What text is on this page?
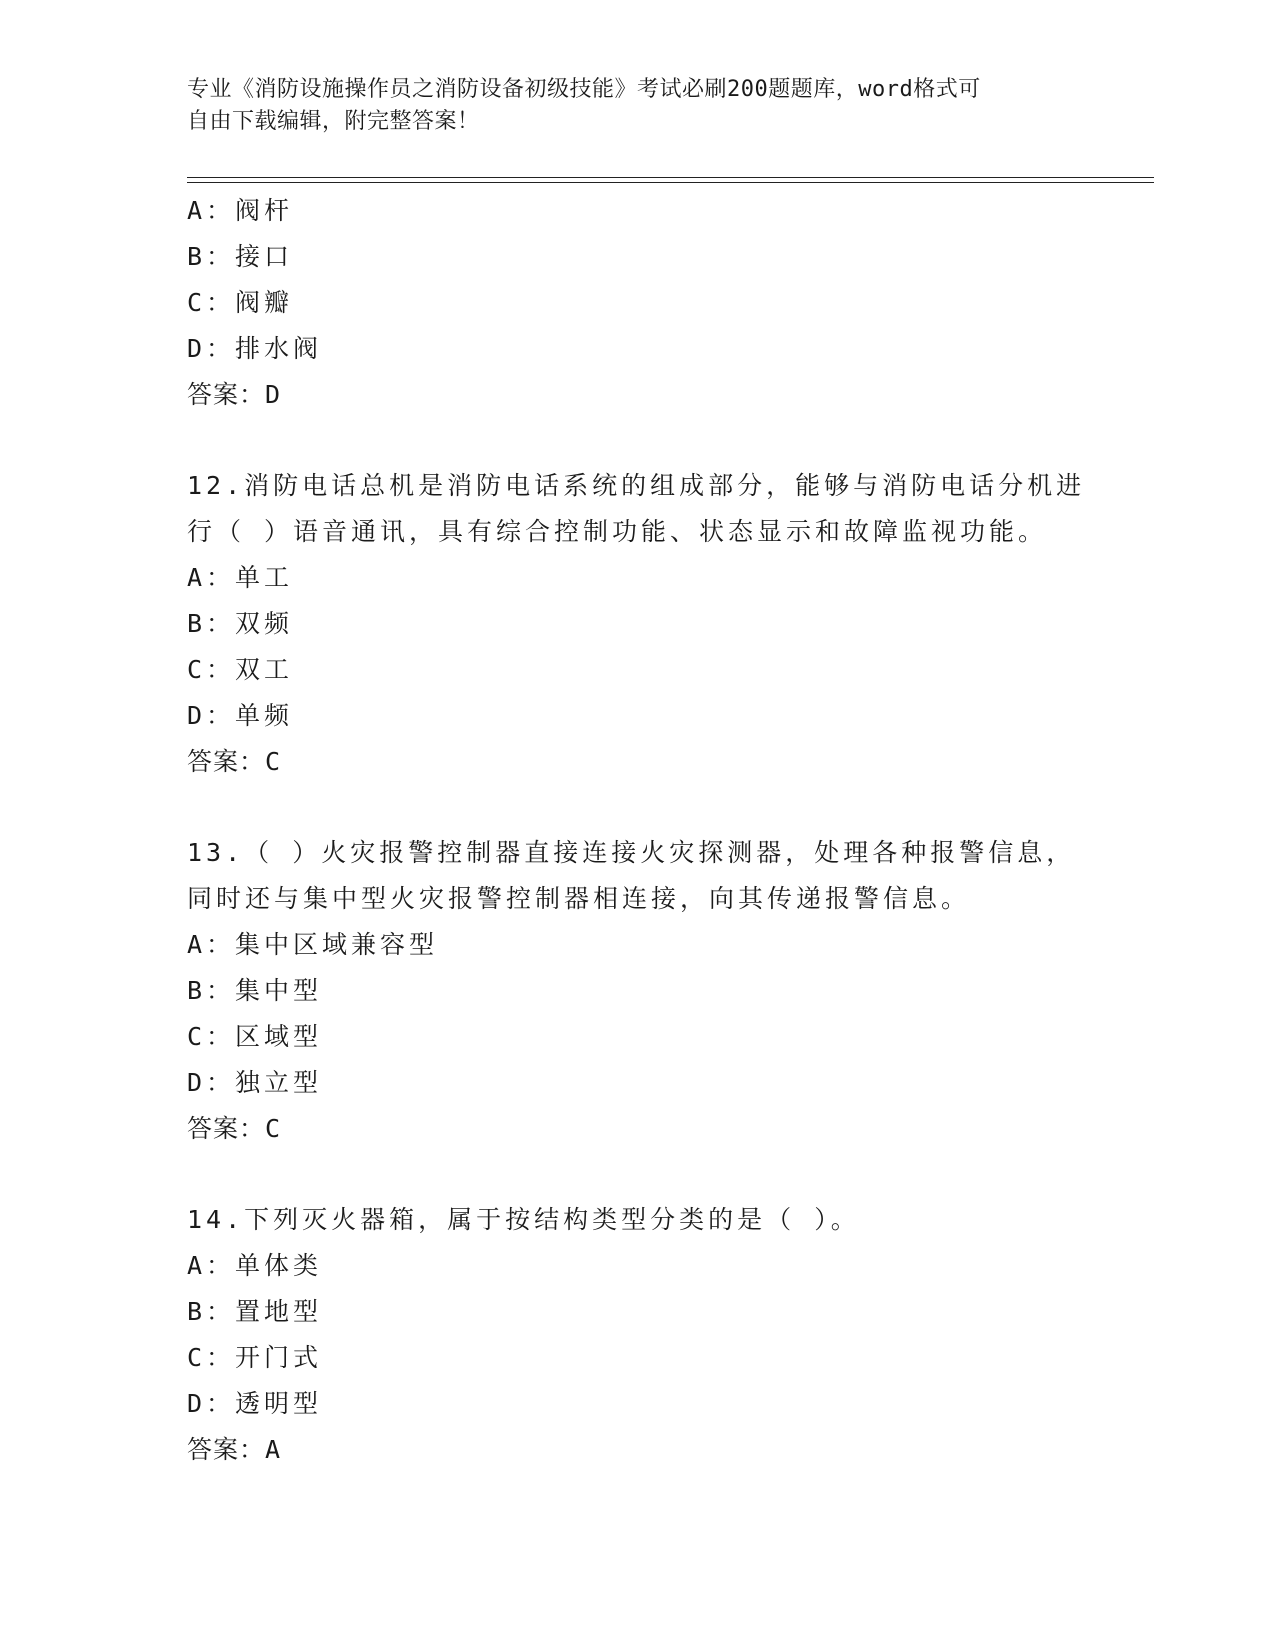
专业《消防设施操作员之消防设备初级技能》考试必刷200题题库，word格式可
自由下载编辑，附完整答案！
A：阀杆
B：接口
C：阀瓣
D：排水阀
答案：D
12.消防电话总机是消防电话系统的组成部分，能够与消防电话分机进
行（ ）语音通讯，具有综合控制功能、状态显示和故障监视功能。
A：单工
B：双频
C：双工
D：单频
答案：C
13.（ ）火灾报警控制器直接连接火灾探测器，处理各种报警信息，
同时还与集中型火灾报警控制器相连接，向其传递报警信息。
A：集中区域兼容型
B：集中型
C：区域型
D：独立型
答案：C
14.下列灭火器箱，属于按结构类型分类的是（ ）。
A：单体类
B：置地型
C：开门式
D：透明型
答案：A
